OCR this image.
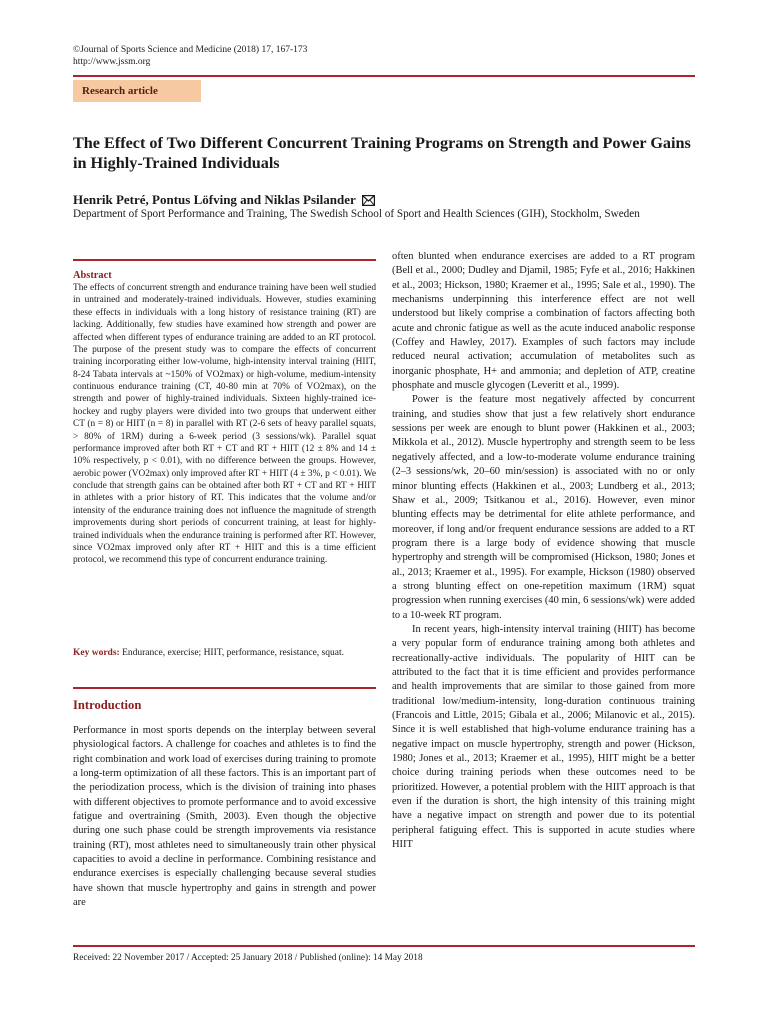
©Journal of Sports Science and Medicine (2018) 17, 167-173
http://www.jssm.org
Research article
The Effect of Two Different Concurrent Training Programs on Strength and Power Gains in Highly-Trained Individuals
Henrik Petré, Pontus Löfving and Niklas Psilander
Department of Sport Performance and Training, The Swedish School of Sport and Health Sciences (GIH), Stockholm, Sweden
Abstract
The effects of concurrent strength and endurance training have been well studied in untrained and moderately-trained individuals. However, studies examining these effects in individuals with a long history of resistance training (RT) are lacking. Additionally, few studies have examined how strength and power are affected when different types of endurance training are added to an RT protocol. The purpose of the present study was to compare the effects of concurrent training incorporating either low-volume, high-intensity interval training (HIIT, 8-24 Tabata intervals at ~150% of VO2max) or high-volume, medium-intensity continuous endurance training (CT, 40-80 min at 70% of VO2max), on the strength and power of highly-trained individuals. Sixteen highly-trained ice-hockey and rugby players were divided into two groups that underwent either CT (n = 8) or HIIT (n = 8) in parallel with RT (2-6 sets of heavy parallel squats, > 80% of 1RM) during a 6-week period (3 sessions/wk). Parallel squat performance improved after both RT + CT and RT + HIIT (12 ± 8% and 14 ± 10% respectively, p < 0.01), with no difference between the groups. However, aerobic power (VO2max) only improved after RT + HIIT (4 ± 3%, p < 0.01). We conclude that strength gains can be obtained after both RT + CT and RT + HIIT in athletes with a prior history of RT. This indicates that the volume and/or intensity of the endurance training does not influence the magnitude of strength improvements during short periods of concurrent training, at least for highly-trained individuals when the endurance training is performed after RT. However, since VO2max improved only after RT + HIIT and this is a time efficient protocol, we recommend this type of concurrent endurance training.
Key words: Endurance, exercise; HIIT, performance, resistance, squat.
Introduction

Performance in most sports depends on the interplay between several physiological factors. A challenge for coaches and athletes is to find the right combination and work load of exercises during training to promote a long-term optimization of all these factors. This is an important part of the periodization process, which is the division of training into phases with different objectives to promote performance and to avoid excessive fatigue and overtraining (Smith, 2003). Even though the objective during one such phase could be strength improvements via resistance training (RT), most athletes need to simultaneously train other physical capacities to avoid a decline in performance. Combining resistance and endurance exercises is especially challenging because several studies have shown that muscle hypertrophy and gains in strength and power are

often blunted when endurance exercises are added to a RT program (Bell et al., 2000; Dudley and Djamil, 1985; Fyfe et al., 2016; Hakkinen et al., 2003; Hickson, 1980; Kraemer et al., 1995; Sale et al., 1990). The mechanisms underpinning this interference effect are not well understood but likely comprise a combination of factors affecting both acute and chronic fatigue as well as the acute induced anabolic response (Coffey and Hawley, 2017). Examples of such factors may include reduced neural activation; accumulation of metabolites such as inorganic phosphate, H+ and ammonia; and depletion of ATP, creatine phosphate and muscle glycogen (Leveritt et al., 1999).

Power is the feature most negatively affected by concurrent training, and studies show that just a few relatively short endurance sessions per week are enough to blunt power (Hakkinen et al., 2003; Mikkola et al., 2012). Muscle hypertrophy and strength seem to be less negatively affected, and a low-to-moderate volume endurance training (2–3 sessions/wk, 20–60 min/session) is associated with no or only minor blunting effects (Hakkinen et al., 2003; Lundberg et al., 2013; Shaw et al., 2009; Tsitkanou et al., 2016). However, even minor blunting effects may be detrimental for elite athlete performance, and moreover, if long and/or frequent endurance sessions are added to a RT program there is a large body of evidence showing that muscle hypertrophy and strength will be compromised (Hickson, 1980; Jones et al., 2013; Kraemer et al., 1995). For example, Hickson (1980) observed a strong blunting effect on one-repetition maximum (1RM) squat progression when running exercises (40 min, 6 sessions/wk) were added to a 10-week RT program.

In recent years, high-intensity interval training (HIIT) has become a very popular form of endurance training among both athletes and recreationally-active individuals. The popularity of HIIT can be attributed to the fact that it is time efficient and provides performance and health improvements that are similar to those gained from more traditional low/medium-intensity, long-duration continuous training (Francois and Little, 2015; Gibala et al., 2006; Milanovic et al., 2015). Since it is well established that high-volume endurance training has a negative impact on muscle hypertrophy, strength and power (Hickson, 1980; Jones et al., 2013; Kraemer et al., 1995), HIIT might be a better choice during training periods when these outcomes need to be prioritized. However, a potential problem with the HIIT approach is that even if the duration is short, the high intensity of this training might have a negative impact on strength and power due to its potential peripheral fatiguing effect. This is supported in acute studies where HIIT

Received: 22 November 2017 / Accepted: 25 January 2018 / Published (online): 14 May 2018
